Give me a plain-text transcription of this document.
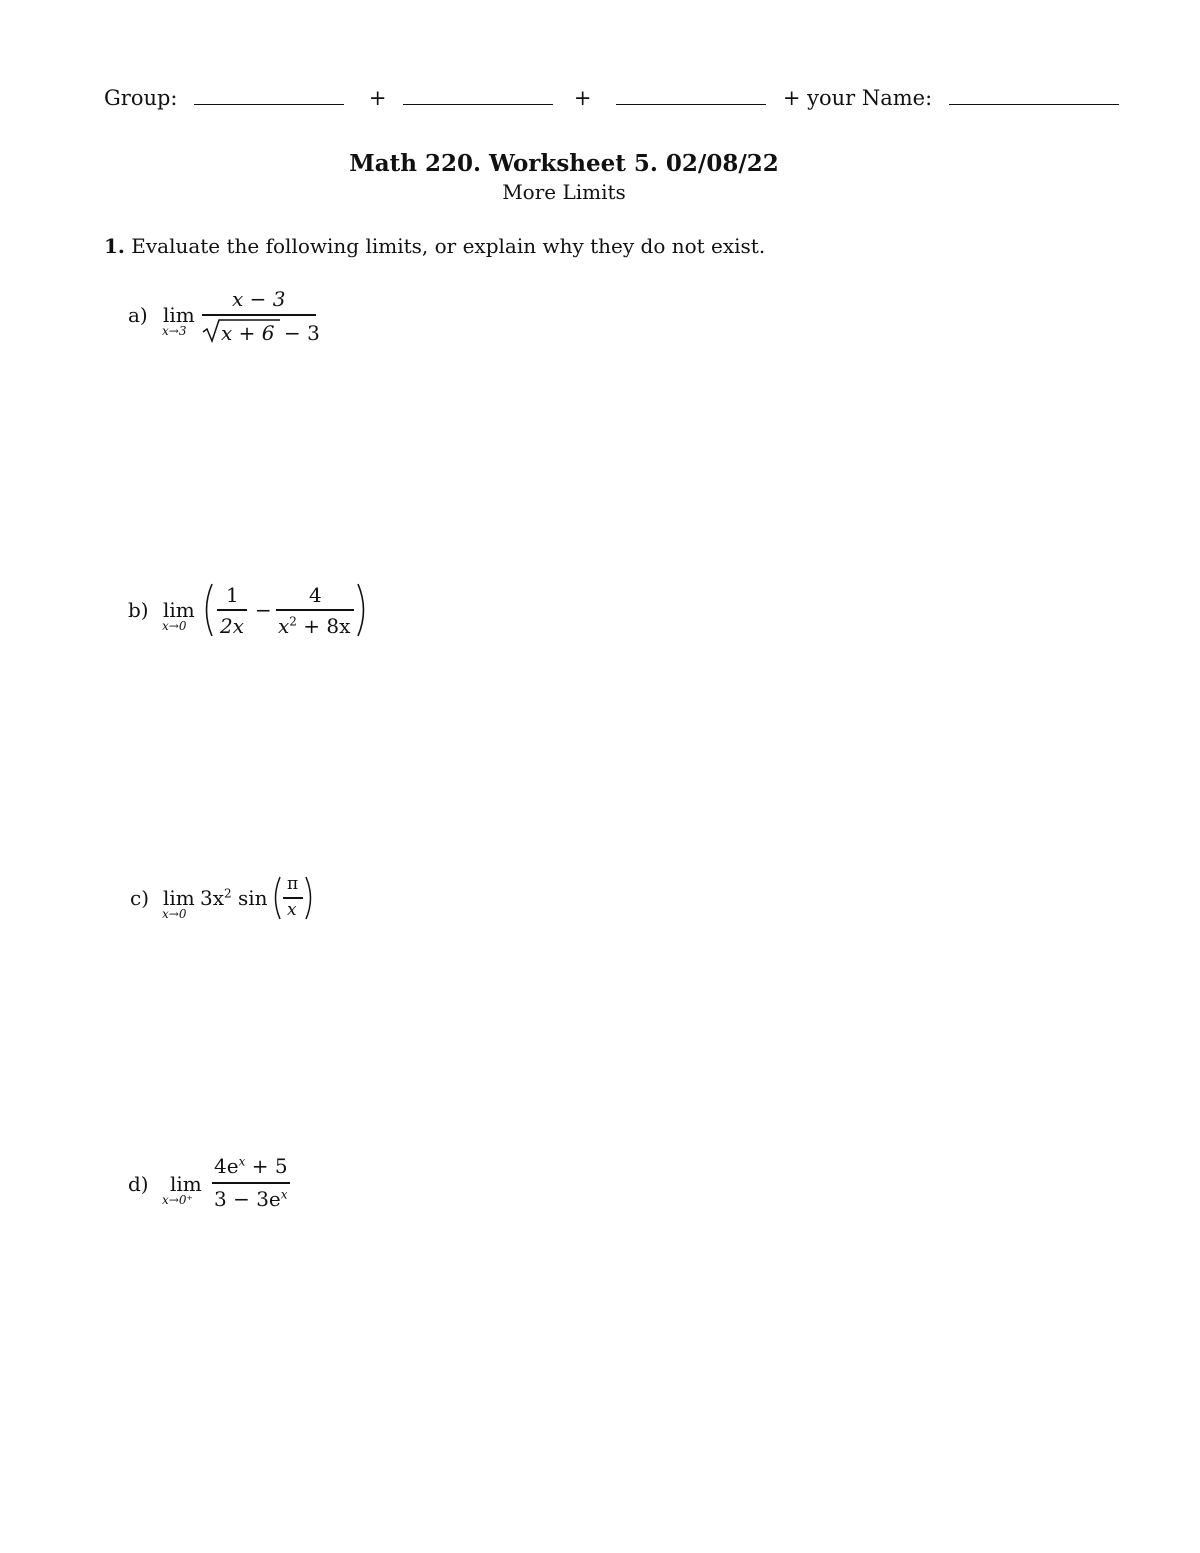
Group:	+	+	+ your Name:
Math 220. Worksheet 5. 02/08/22
More Limits
1. Evaluate the following limits, or explain why they do not exist.
a) lim
x→3
x − 3
x + 6 − 3
b) lim
x→0
1
2x
−
4
$x^2 + 8x$
c) lim
x→0
$3x^2$ sin
π
x
d) lim
x→0⁺
$4e^x + 5$
$3 - 3e^x$
